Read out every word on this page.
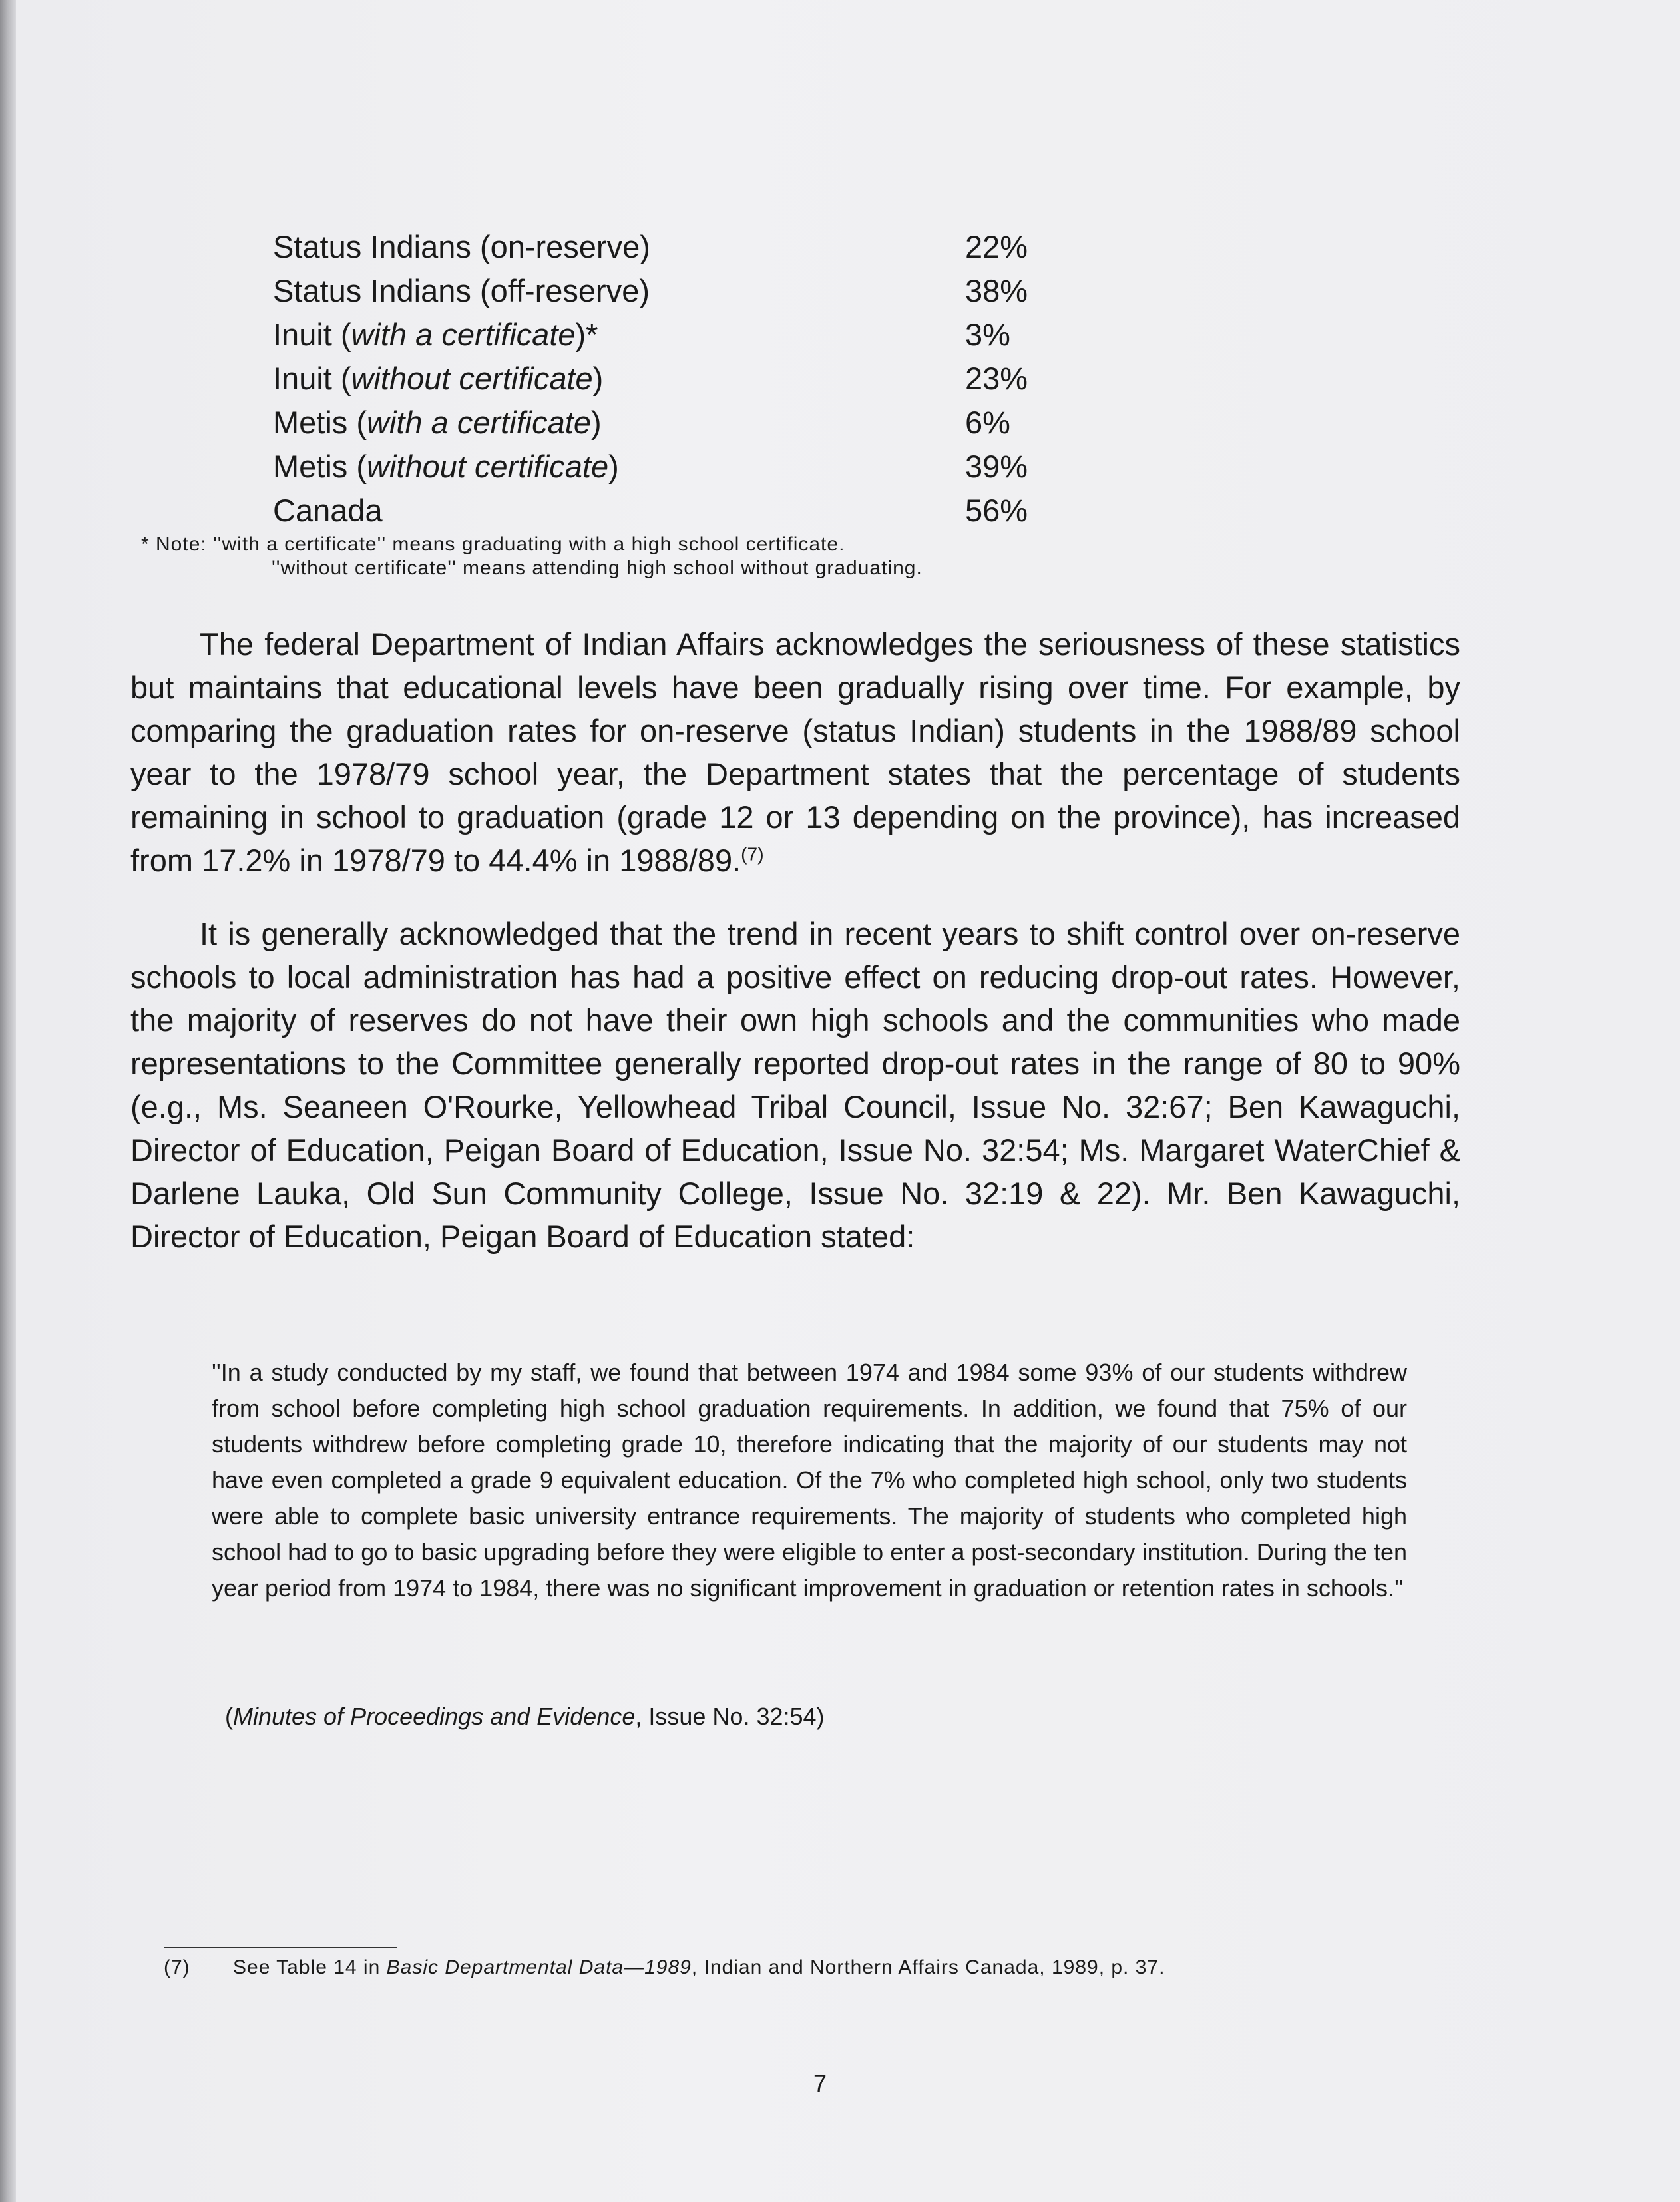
Status Indians (on-reserve)	22%
Status Indians (off-reserve)	38%
Inuit (with a certificate)*	3%
Inuit (without certificate)	23%
Metis (with a certificate)	6%
Metis (without certificate)	39%
Canada	56%
* Note: ''with a certificate'' means graduating with a high school certificate.
''without certificate'' means attending high school without graduating.

The federal Department of Indian Affairs acknowledges the seriousness of these statistics but maintains that educational levels have been gradually rising over time. For example, by comparing the graduation rates for on-reserve (status Indian) students in the 1988/89 school year to the 1978/79 school year, the Department states that the percentage of students remaining in school to graduation (grade 12 or 13 depending on the province), has increased from 17.2% in 1978/79 to 44.4% in 1988/89.$^{(7)}$

It is generally acknowledged that the trend in recent years to shift control over on-reserve schools to local administration has had a positive effect on reducing drop-out rates. However, the majority of reserves do not have their own high schools and the communities who made representations to the Committee generally reported drop-out rates in the range of 80 to 90% (e.g., Ms. Seaneen O'Rourke, Yellowhead Tribal Council, Issue No. 32:67; Ben Kawaguchi, Director of Education, Peigan Board of Education, Issue No. 32:54; Ms. Margaret WaterChief & Darlene Lauka, Old Sun Community College, Issue No. 32:19 & 22). Mr. Ben Kawaguchi, Director of Education, Peigan Board of Education stated:

''In a study conducted by my staff, we found that between 1974 and 1984 some 93% of our students withdrew from school before completing high school graduation requirements. In addition, we found that 75% of our students withdrew before completing grade 10, therefore indicating that the majority of our students may not have even completed a grade 9 equivalent education. Of the 7% who completed high school, only two students were able to complete basic university entrance requirements. The majority of students who completed high school had to go to basic upgrading before they were eligible to enter a post-secondary institution. During the ten year period from 1974 to 1984, there was no significant improvement in graduation or retention rates in schools.''

(Minutes of Proceedings and Evidence, Issue No. 32:54)
(7) See Table 14 in Basic Departmental Data—1989, Indian and Northern Affairs Canada, 1989, p. 37.
7
